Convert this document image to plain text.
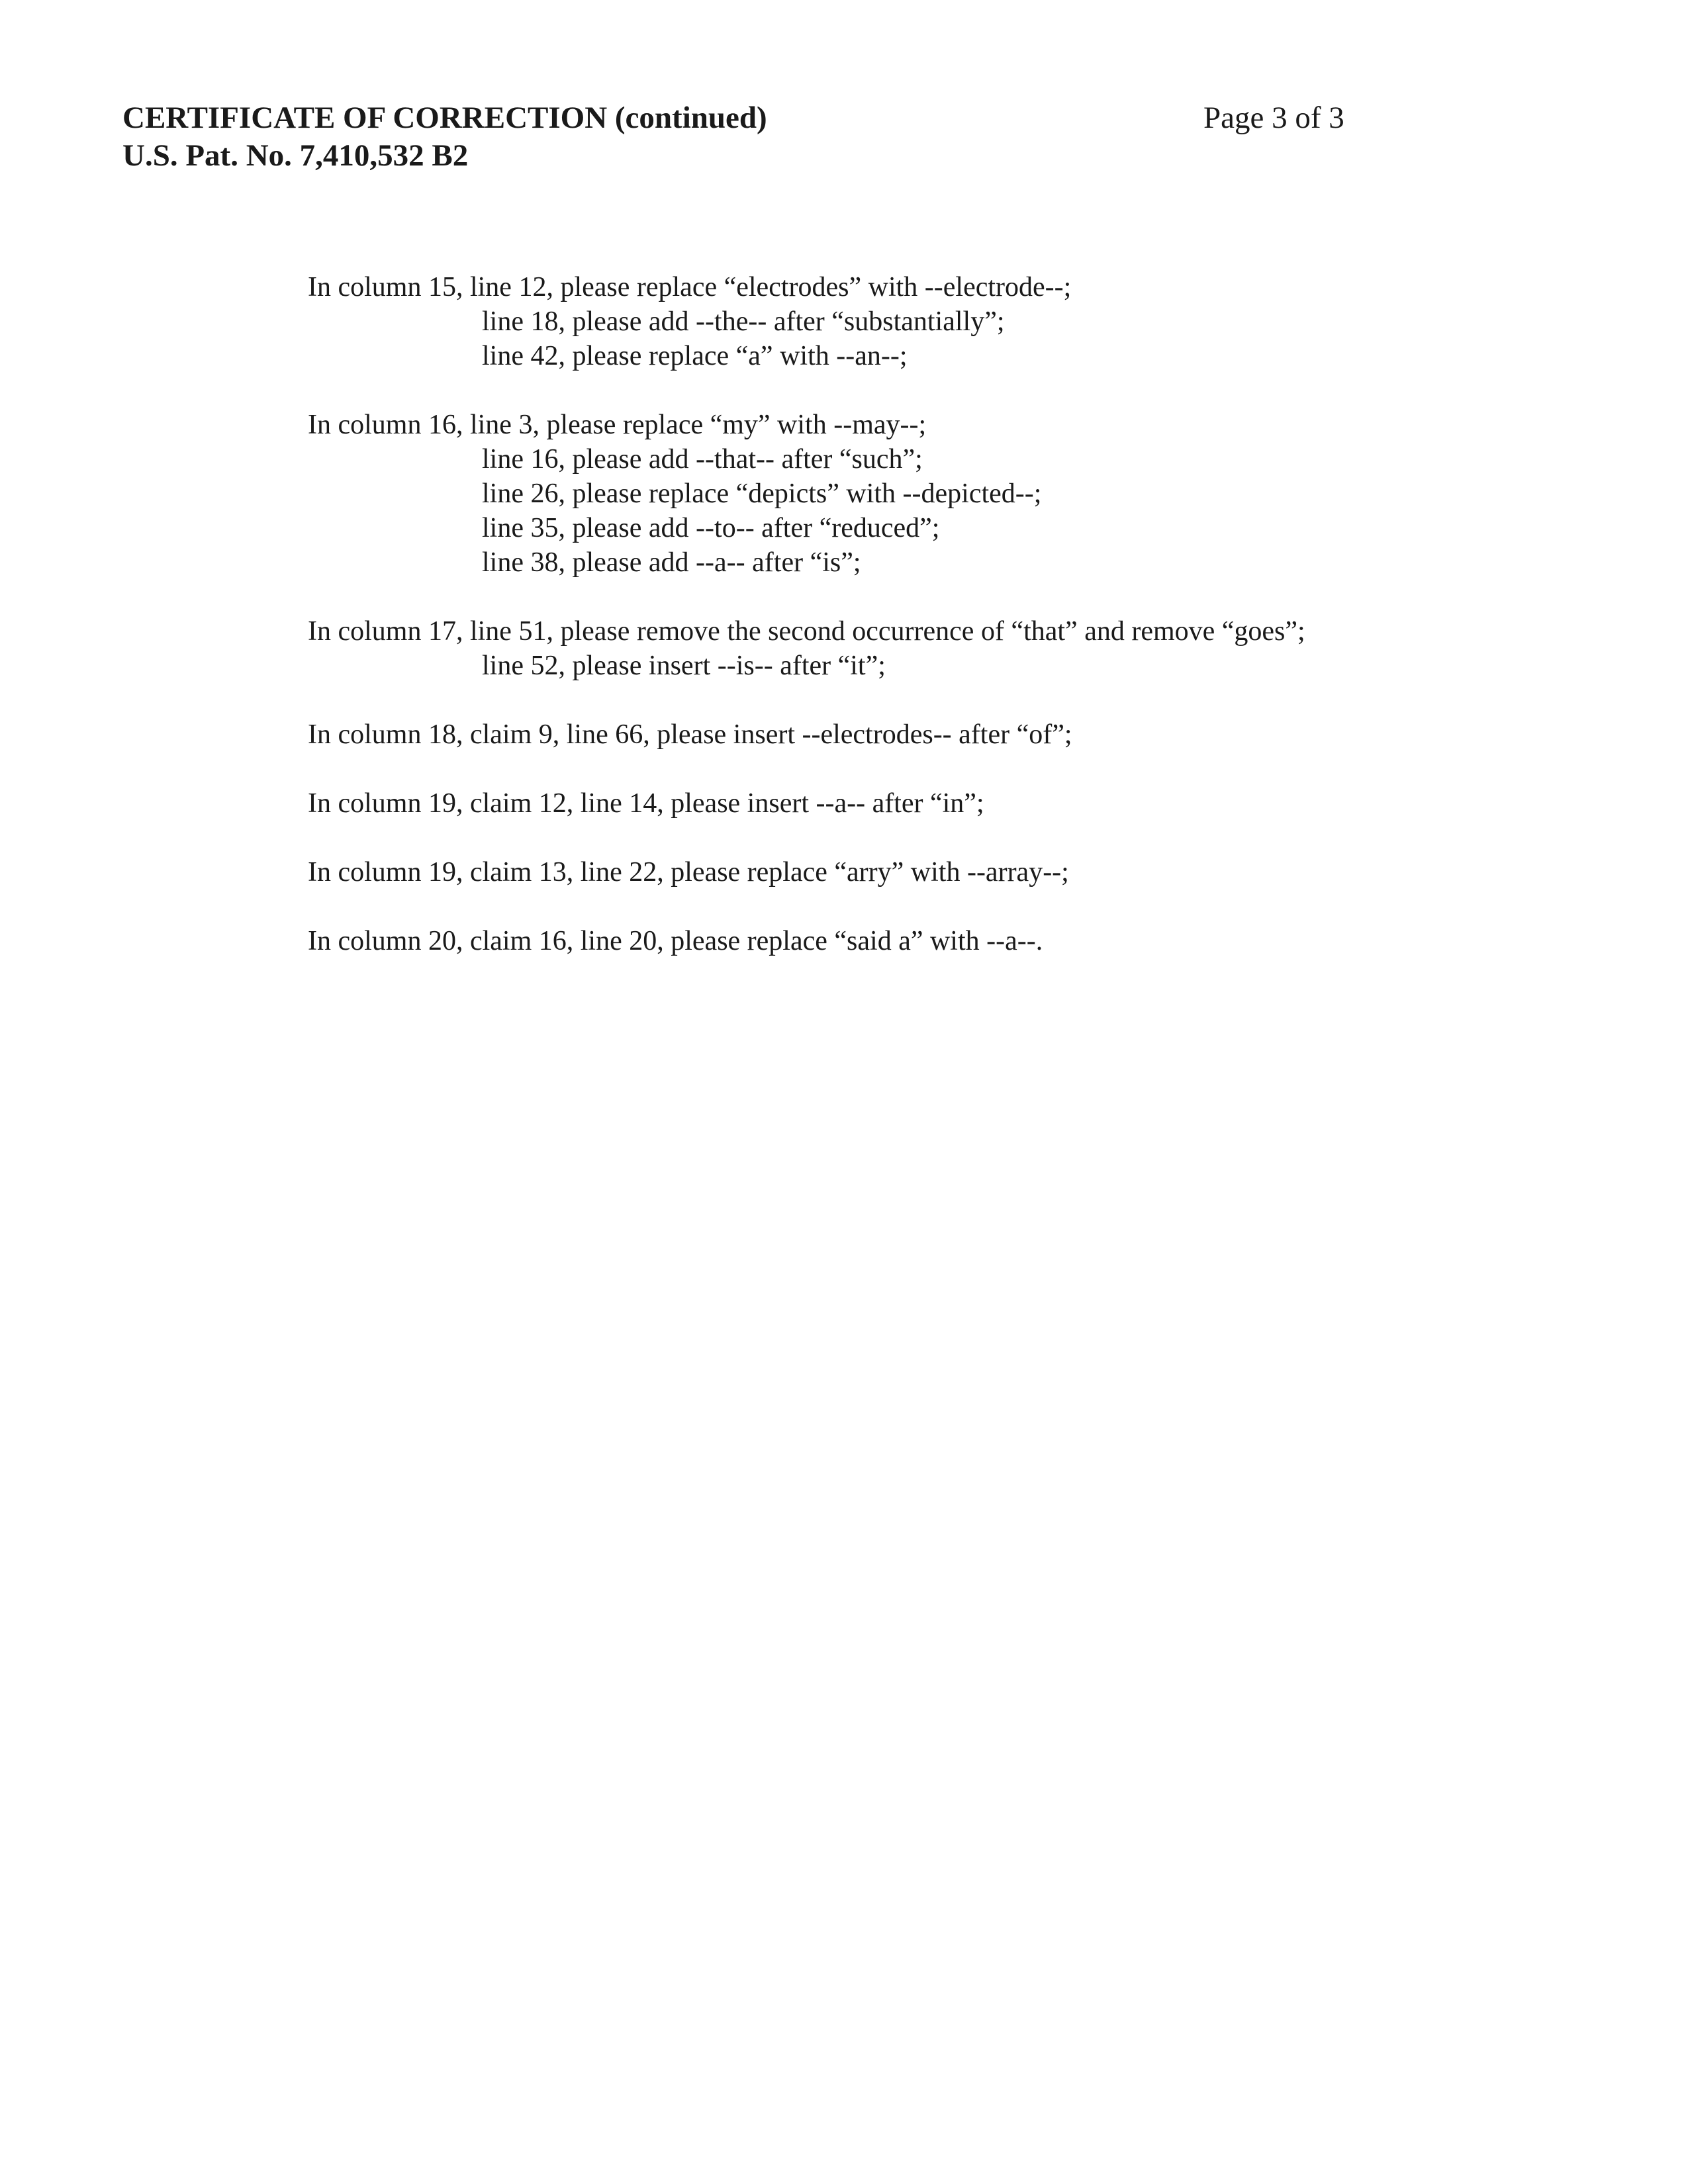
CERTIFICATE OF CORRECTION (continued)
U.S. Pat. No. 7,410,532 B2
Page 3 of 3
In column 15, line 12, please replace “electrodes” with --electrode--;
line 18, please add --the-- after “substantially”;
line 42, please replace “a” with --an--;
In column 16, line 3, please replace “my” with --may--;
line 16, please add --that-- after “such”;
line 26, please replace “depicts” with --depicted--;
line 35, please add --to-- after “reduced”;
line 38, please add --a-- after “is”;
In column 17, line 51, please remove the second occurrence of “that” and remove “goes”;
line 52, please insert --is-- after “it”;
In column 18, claim 9, line 66, please insert --electrodes-- after “of”;
In column 19, claim 12, line 14, please insert --a-- after “in”;
In column 19, claim 13, line 22, please replace “arry” with --array--;
In column 20, claim 16, line 20, please replace “said a” with --a--.
